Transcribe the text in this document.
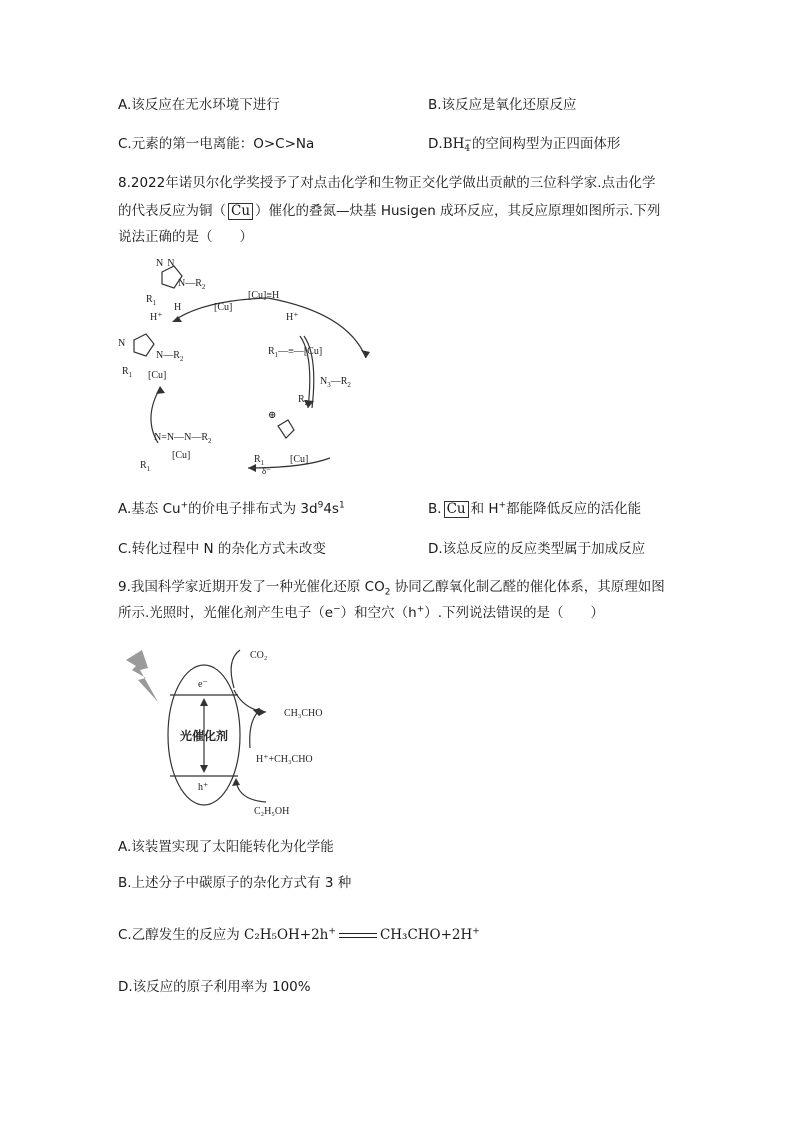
A.该反应在无水环境下进行	B.该反应是氧化还原反应
C.元素的第一电离能：O>C>Na	D.BH −
4 的空间构型为正四面体形
8.2022年诺贝尔化学奖授予了对点击化学和生物正交化学做出贡献的三位科学家.点击化学
的代表反应为铜（ Cu ）催化的叠氮—炔基 Husigen 成环反应，其反应原理如图所示.下列
说法正确的是（　　）
N N
$N—R_2$
$R_1$ H
H⁺
[Cu]
[Cu]≡H
H⁺
$R_1—\equiv—[Cu]$
$N_3—R_2$
N
$N—R_2$
$R_1$ [Cu]
⊕
$R_2$
$R_1$	[Cu]
δ⁻
$N=N—N—R_2$
[Cu]
$R_1$
A.基态 Cu+的价电子排布式为 $3d^94s^1$	B. Cu 和 H+都能降低反应的活化能
C.转化过程中 N 的杂化方式未改变	D.该总反应的反应类型属于加成反应
9.我国科学家近期开发了一种光催化还原 $CO_2$ 协同乙醇氧化制乙醛的催化体系，其原理如图
所示.光照时，光催化剂产生电子（e−）和空穴（h+）.下列说法错误的是（　　）
CO₂
e⁻
CH₃CHO
光催化剂
H⁺+CH₃CHO
h⁺
C₂H₅OH
A.该装置实现了太阳能转化为化学能
B.上述分子中碳原子的杂化方式有 3 种
C.乙醇发生的反应为 C₂H₅OH+2h+	CH₃CHO+2H+
D.该反应的原子利用率为 100%
